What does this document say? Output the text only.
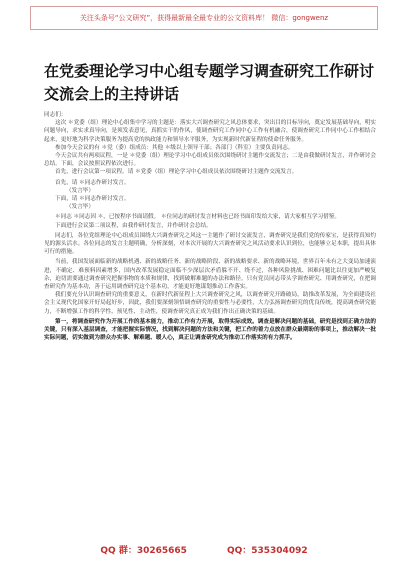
关注头条号“公文研究”，获得最新最全最专业的公文资料库！ 微信：gongwenz
在党委理论学习中心组专题学习调查研究工作研讨交流会上的主持讲话

同志们：

这次 ＊党委（组）理论中心组集中学习的主题是：落实大兴调查研究之风总体要求，突出目的目标导向，奠定发展基础导向，明实问题导向，求实求真导向，是须发表意见，真抓实干的作风，使调查研究工作同中心工作有机融合，使调查研究工作同中心工作相结合起来，更好地为科学决策服务为提高党的执政能力和领导水平服务，为实现新时代新征程的使命任务服务。

参加今天会议的有 ＊党（委）组成员：其他 ＊级以上领导干部；各部门（科室）主要负责同志。

今天会议共有两项议程，一是 ＊党委（组）理论学习中心组成员依次围绕研讨主题作交流发言；二是由我做研讨发言，并作研讨会总结。下面，会议按照议程依次进行。

首先，进行会议第一项议程。请 ＊党委（组）理论学习中心组成员依次围绕研讨主题作交流发言。

首先，请 ＊同志作研讨发言。

（发言毕）

下面，请 ＊同志作研讨发言。

（发言毕）

＊同志 ＊同志因 ＊，已按程序书面请假。 ＊位同志的研讨发言材料也已经书面印发给大家，请大家相互学习借鉴。

下面进行会议第二项议程，由我作研讨发言，并作研讨会总结。

同志们，各位党组理论中心组成员围绕大兴调查研究之风这一主题作了研讨交流发言，调查研究是我们党的传家宝，是获得真知灼见的源头活水。各位同志的发言主题明确，分析深刻，对本次开展的大兴调查研究之风活动要求认识到位，也能够立足本职，提出具体可行的措施。

当前，我国发展面临新的战略机遇、新的战略任务、新的战略阶段、新的战略要求、新的战略环境，世界百年未有之大变局加速演进，不确定、难预料因素增多，国内改革发展稳定面临不少深层次矛盾躲不开、绕不过，各种风险挑战、困难问题比以往更加严峻复杂，迫切需要通过调查研究把握事物的本质和规律，找到破解难题的办法和路径。只有党员同志带头学调查研究、用调查研究，在把调查研究作为基本功，善于运用调查研究这个基本功，才能更好地谋划推动工作落实。

我们要充分认识调查研究的重要意义，在新时代新征程上大兴调查研究之风，以调查研究开路破局，助推改革发展，为全面建设社会主义现代化国家开好局起好步，因此，我们要深刻领悟调查研究的重要性与必要性，大力弘扬调查研究的优良传统，提高调查研究能力，不断增强工作的科学性、预见性、主动性，使调查研究真正成为我们作出正确决策的基础。

第一，将调查研究作为开展工作的基本能力，推动工作有力开展，取得实际成效。调查是解决问题的基础，研究是找到正确方法的关键，只有深入基层调查，才能把握实际情况，找到解决问题的方法和关键，把工作的着力点放在群众最期盼的事项上，推动解决一批实际问题，切实做到为群众办实事、解难题、暖人心，真正让调查研究成为推动工作落实的有力抓手。

QQ 群：30265665	QQ：535304092
